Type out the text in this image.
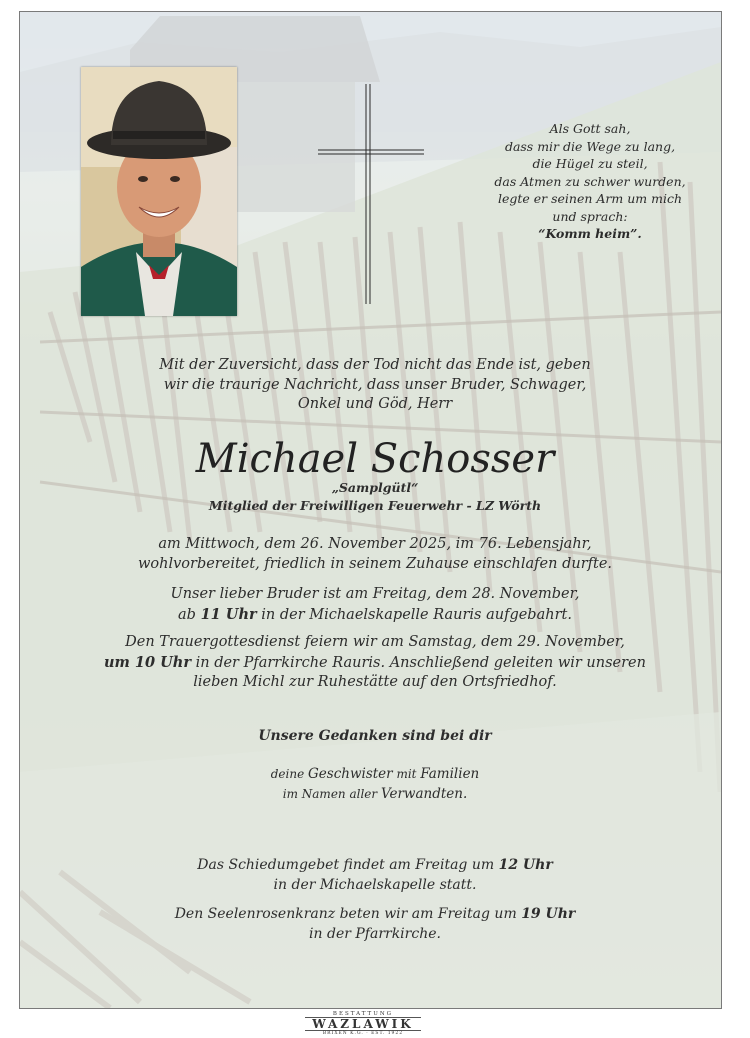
Als Gott sah,
dass mir die Wege zu lang,
die Hügel zu steil,
das Atmen zu schwer wurden,
legte er seinen Arm um mich
und sprach:
“Komm heim”.
Mit der Zuversicht, dass der Tod nicht das Ende ist, geben
wir die traurige Nachricht, dass unser Bruder, Schwager,
Onkel und Göd, Herr
Michael Schosser
„Samplgütl“
Mitglied der Freiwilligen Feuerwehr - LZ Wörth
am Mittwoch, dem 26. November 2025, im 76. Lebensjahr,
wohlvorbereitet, friedlich in seinem Zuhause einschlafen durfte.
Unser lieber Bruder ist am Freitag, dem 28. November,
ab 11 Uhr in der Michaelskapelle Rauris aufgebahrt.
Den Trauergottesdienst feiern wir am Samstag, dem 29. November,
um 10 Uhr in der Pfarrkirche Rauris. Anschließend geleiten wir unseren
lieben Michl zur Ruhestätte auf den Ortsfriedhof.
Unsere Gedanken sind bei dir
deine Geschwister mit Familien
im Namen aller Verwandten.
Das Schiedumgebet findet am Freitag um 12 Uhr
in der Michaelskapelle statt.
Den Seelenrosenkranz beten wir am Freitag um 19 Uhr
in der Pfarrkirche.
BESTATTUNG
WAZLAWIK
BRIXEN K.G. · EST. 1922
